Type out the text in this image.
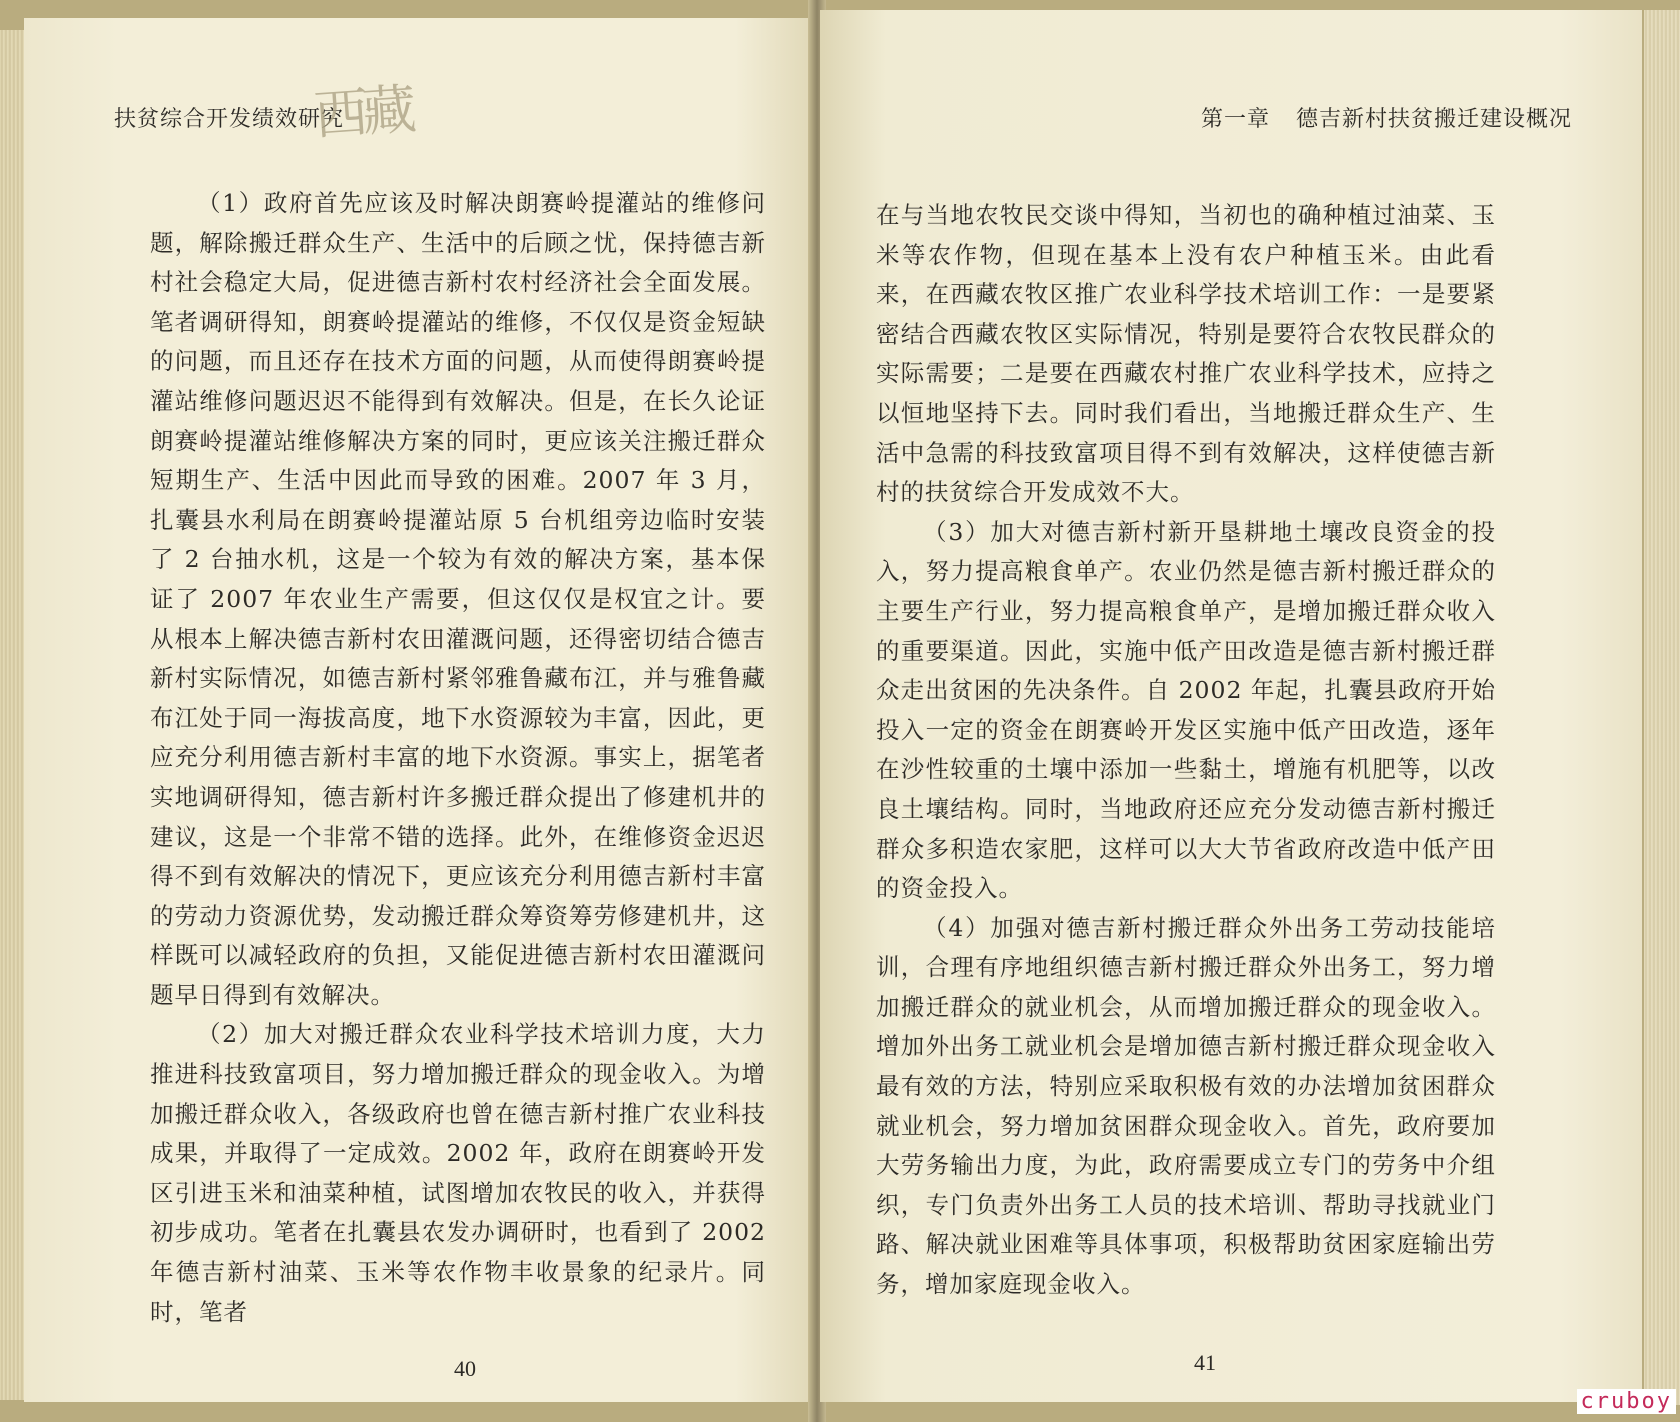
扶贫综合开发绩效研究
西藏

（1）政府首先应该及时解决朗赛岭提灌站的维修问题，解除搬迁群众生产、生活中的后顾之忧，保持德吉新村社会稳定大局，促进德吉新村农村经济社会全面发展。笔者调研得知，朗赛岭提灌站的维修，不仅仅是资金短缺的问题，而且还存在技术方面的问题，从而使得朗赛岭提灌站维修问题迟迟不能得到有效解决。但是，在长久论证朗赛岭提灌站维修解决方案的同时，更应该关注搬迁群众短期生产、生活中因此而导致的困难。2007 年 3 月，扎囊县水利局在朗赛岭提灌站原 5 台机组旁边临时安装了 2 台抽水机，这是一个较为有效的解决方案，基本保证了 2007 年农业生产需要，但这仅仅是权宜之计。要从根本上解决德吉新村农田灌溉问题，还得密切结合德吉新村实际情况，如德吉新村紧邻雅鲁藏布江，并与雅鲁藏布江处于同一海拔高度，地下水资源较为丰富，因此，更应充分利用德吉新村丰富的地下水资源。事实上，据笔者实地调研得知，德吉新村许多搬迁群众提出了修建机井的建议，这是一个非常不错的选择。此外，在维修资金迟迟得不到有效解决的情况下，更应该充分利用德吉新村丰富的劳动力资源优势，发动搬迁群众筹资筹劳修建机井，这样既可以减轻政府的负担，又能促进德吉新村农田灌溉问题早日得到有效解决。

（2）加大对搬迁群众农业科学技术培训力度，大力推进科技致富项目，努力增加搬迁群众的现金收入。为增加搬迁群众收入，各级政府也曾在德吉新村推广农业科技成果，并取得了一定成效。2002 年，政府在朗赛岭开发区引进玉米和油菜种植，试图增加农牧民的收入，并获得初步成功。笔者在扎囊县农发办调研时，也看到了 2002 年德吉新村油菜、玉米等农作物丰收景象的纪录片。同时，笔者

40
第一章 德吉新村扶贫搬迁建设概况

在与当地农牧民交谈中得知，当初也的确种植过油菜、玉米等农作物，但现在基本上没有农户种植玉米。由此看来，在西藏农牧区推广农业科学技术培训工作：一是要紧密结合西藏农牧区实际情况，特别是要符合农牧民群众的实际需要；二是要在西藏农村推广农业科学技术，应持之以恒地坚持下去。同时我们看出，当地搬迁群众生产、生活中急需的科技致富项目得不到有效解决，这样使德吉新村的扶贫综合开发成效不大。

（3）加大对德吉新村新开垦耕地土壤改良资金的投入，努力提高粮食单产。农业仍然是德吉新村搬迁群众的主要生产行业，努力提高粮食单产，是增加搬迁群众收入的重要渠道。因此，实施中低产田改造是德吉新村搬迁群众走出贫困的先决条件。自 2002 年起，扎囊县政府开始投入一定的资金在朗赛岭开发区实施中低产田改造，逐年在沙性较重的土壤中添加一些黏土，增施有机肥等，以改良土壤结构。同时，当地政府还应充分发动德吉新村搬迁群众多积造农家肥，这样可以大大节省政府改造中低产田的资金投入。

（4）加强对德吉新村搬迁群众外出务工劳动技能培训，合理有序地组织德吉新村搬迁群众外出务工，努力增加搬迁群众的就业机会，从而增加搬迁群众的现金收入。增加外出务工就业机会是增加德吉新村搬迁群众现金收入最有效的方法，特别应采取积极有效的办法增加贫困群众就业机会，努力增加贫困群众现金收入。首先，政府要加大劳务输出力度，为此，政府需要成立专门的劳务中介组织，专门负责外出务工人员的技术培训、帮助寻找就业门路、解决就业困难等具体事项，积极帮助贫困家庭输出劳务，增加家庭现金收入。

41
cruboy
